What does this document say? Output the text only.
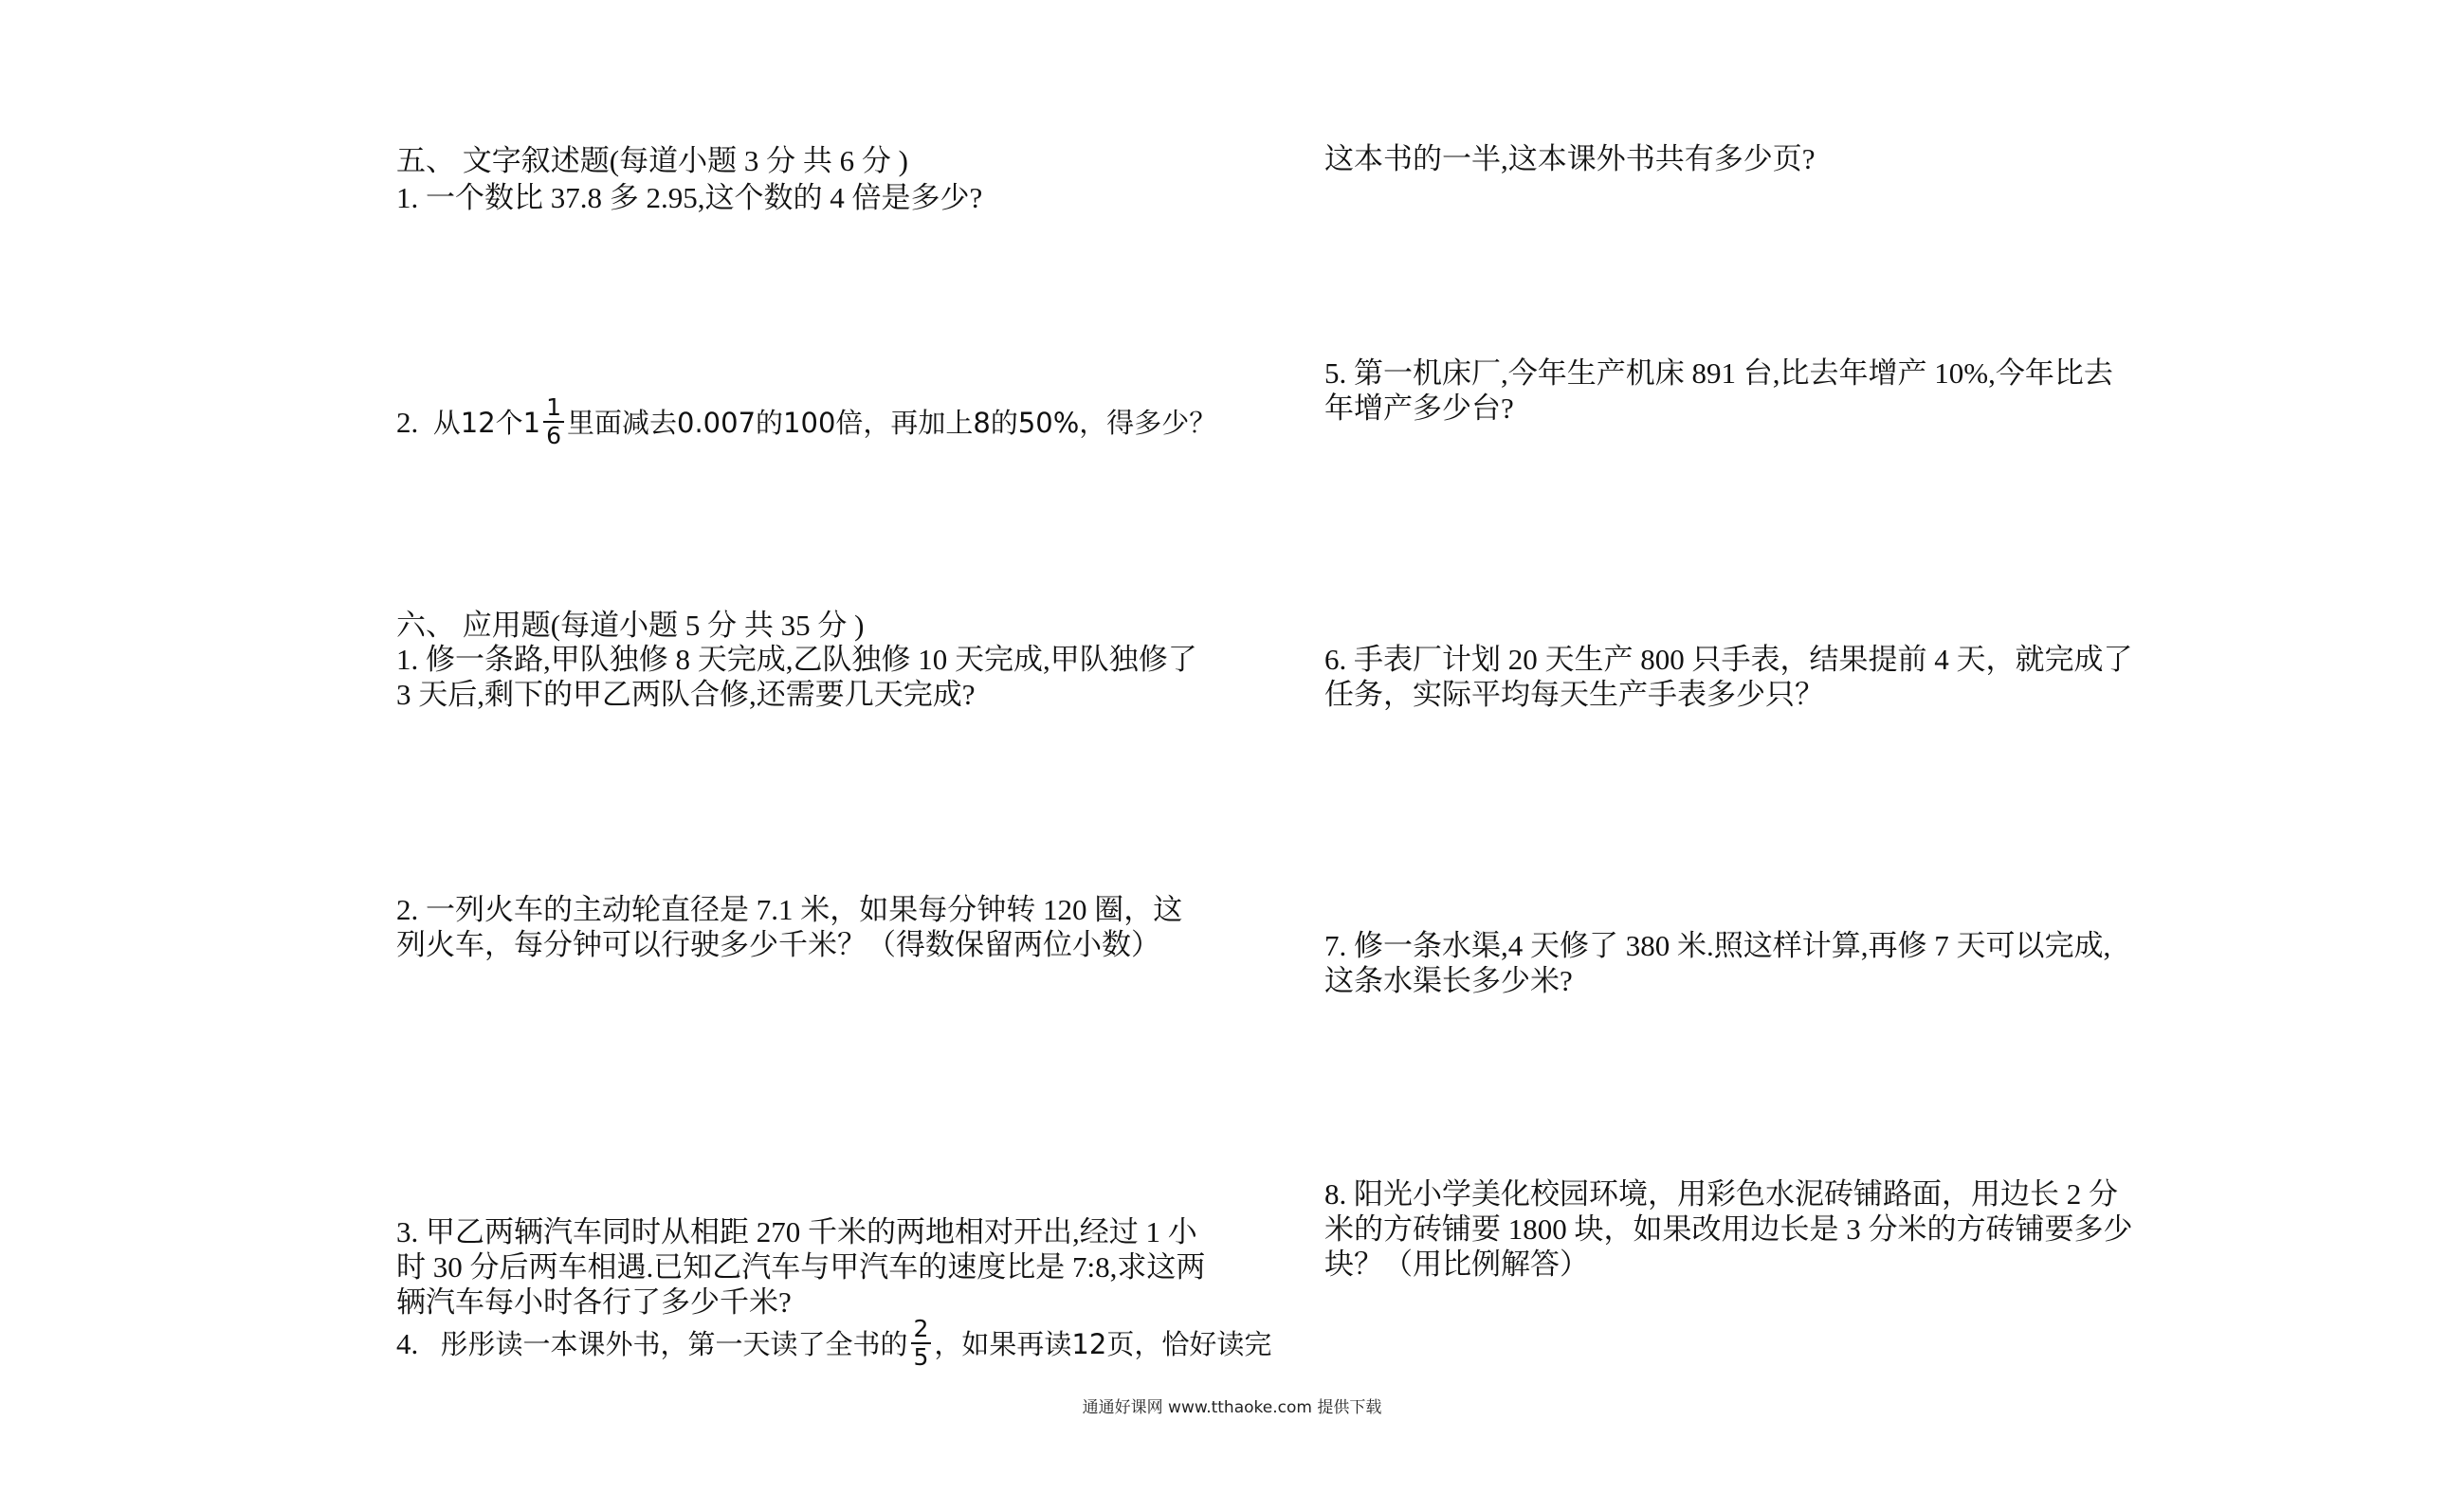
五、 文字叙述题(每道小题 3 分 共 6 分 )
1. 一个数比 37.8 多 2.95,这个数的 4 倍是多少?
2. 从12个$1 \frac{1}{6}$ 里面减去0.007的100倍，再加上8的50%，得多少？
六、 应用题(每道小题 5 分 共 35 分 )
1. 修一条路,甲队独修 8 天完成,乙队独修 10 天完成,甲队独修了
3 天后,剩下的甲乙两队合修,还需要几天完成?
2. 一列火车的主动轮直径是 7.1 米，如果每分钟转 120 圈，这
列火车，每分钟可以行驶多少千米？（得数保留两位小数）
3. 甲乙两辆汽车同时从相距 270 千米的两地相对开出,经过 1 小
时 30 分后两车相遇.已知乙汽车与甲汽车的速度比是 7:8,求这两
辆汽车每小时各行了多少千米?
4. 彤彤读一本课外书，第一天读了全书的 $\frac{2}{5}$ ，如果再读12页，恰好读完
这本书的一半,这本课外书共有多少页?
5. 第一机床厂,今年生产机床 891 台,比去年增产 10%,今年比去
年增产多少台?
6. 手表厂计划 20 天生产 800 只手表，结果提前 4 天，就完成了
任务，实际平均每天生产手表多少只？
7. 修一条水渠,4 天修了 380 米.照这样计算,再修 7 天可以完成,
这条水渠长多少米?
8. 阳光小学美化校园环境，用彩色水泥砖铺路面，用边长 2 分
米的方砖铺要 1800 块，如果改用边长是 3 分米的方砖铺要多少
块？（用比例解答）
通通好课网 www.tthaoke.com 提供下载
